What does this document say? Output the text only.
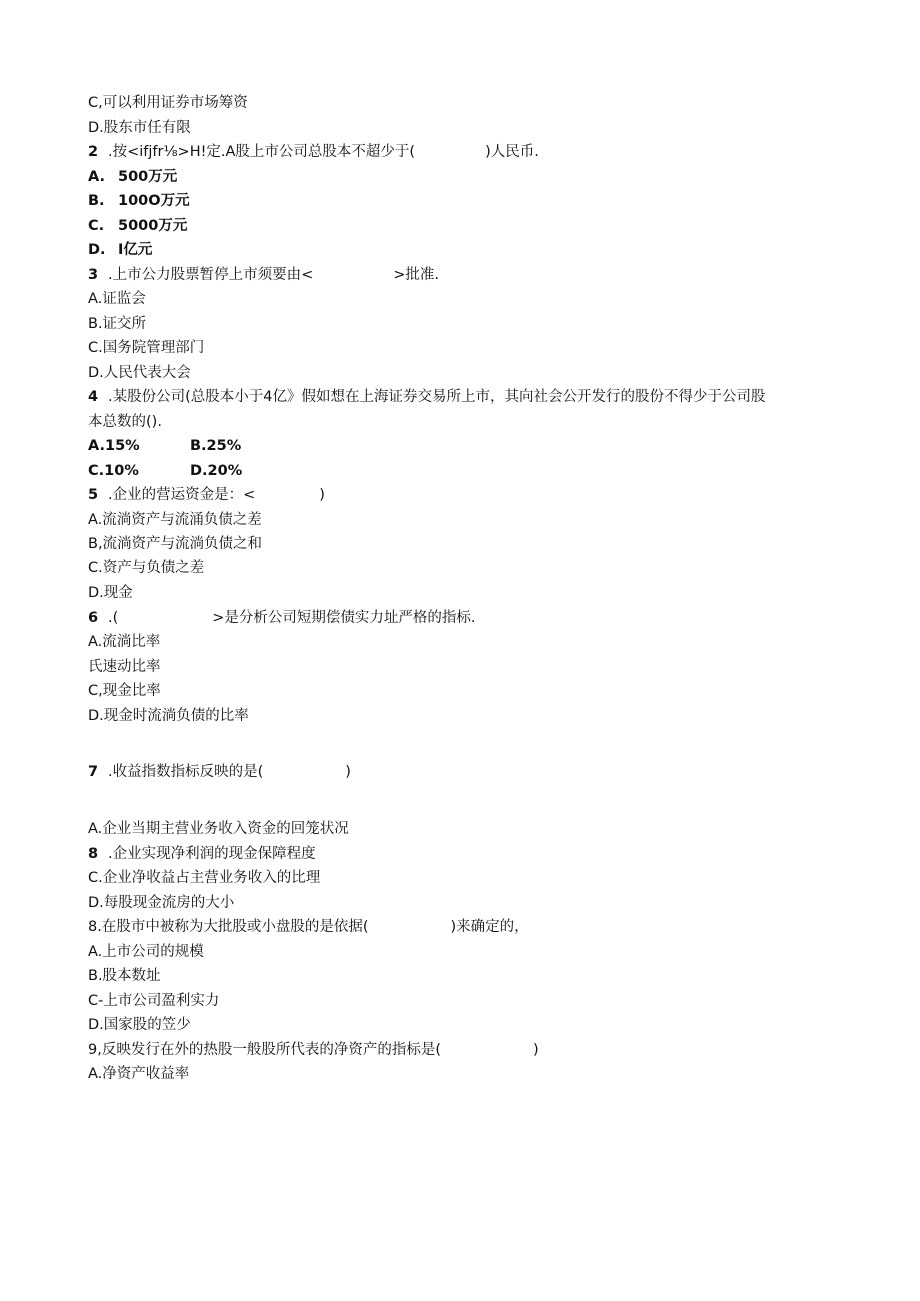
C,可以利用证券市场筹资
D.股东市任有限
2 .按<ifjfr⅛>H!定.A股上市公司总股本不超少于(	)人民币.
A. 500万元
B. 100O万元
C. 5000万元
D. I亿元
3 .上市公力股票暂停上市须要由<	>批准.
A.证监会
B.证交所
C.国务院管理部门
D.人民代表大会
4 .某股份公司(总股本小于4亿》假如想在上海证券交易所上市，其向社会公开发行的股份不得少于公司股
本总数的().
A.15%	B.25%
C.10%	D.20%
5 .企业的营运资金是：<	)
A.流淌资产与流涌负债之差
B,流淌资产与流淌负债之和
C.资产与负债之差
D.现金
6 .(	>是分析公司短期偿债实力址严格的指标.
A.流淌比率
氏速动比率
C,现金比率
D.现金时流淌负债的比率
7 .收益指数指标反映的是(	)
A.企业当期主营业务收入资金的回笼状况
8 .企业实现净利润的现金保障程度
C.企业净收益占主营业务收入的比理
D.每股现金流房的大小
8.在股市中被称为大批股或小盘股的是依据(	)来确定的，
A.上市公司的规模
B.股本数址
C-上市公司盈利实力
D.国家股的笠少
9,反映发行在外的热股一般股所代表的净资产的指标是(	)
A.净资产收益率
